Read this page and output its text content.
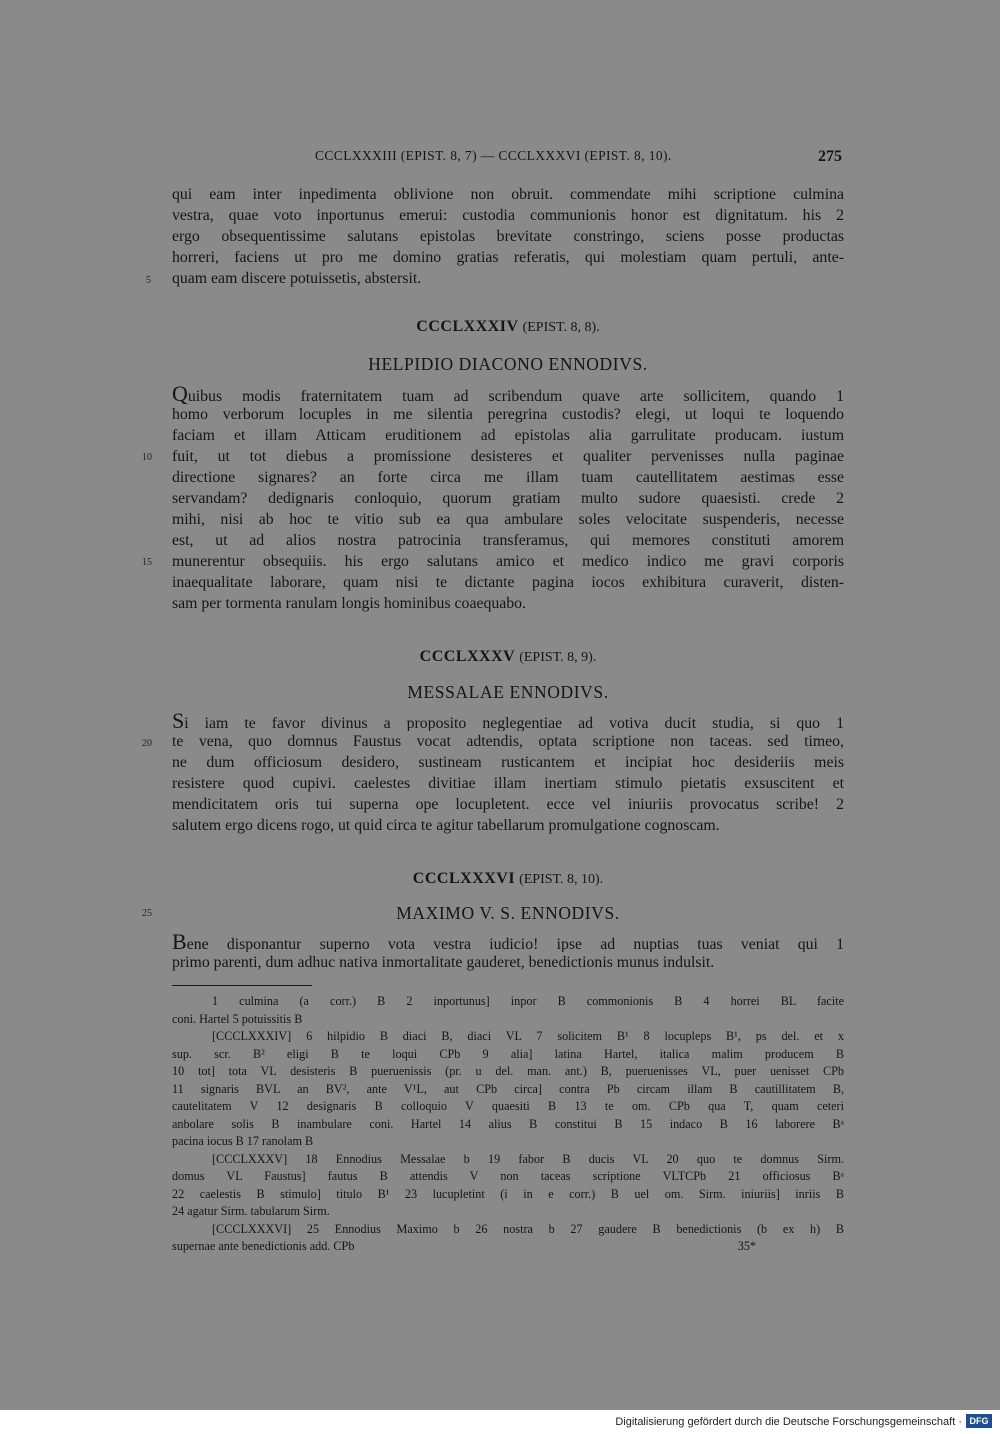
CCCLXXXIII (EPIST. 8, 7) — CCCLXXXVI (EPIST. 8, 10).	275
qui eam inter inpedimenta oblivione non obruit. commendate mihi scriptione culmina
vestra, quae voto inportunus emerui: custodia communionis honor est dignitatum. his 2
ergo obsequentissime salutans epistolas brevitate constringo, sciens posse productas
horreri, faciens ut pro me domino gratias referatis, qui molestiam quam pertuli, ante-
quam eam discere potuissetis, abstersit.
5
CCCLXXXIV (EPIST. 8, 8).
HELPIDIO DIACONO ENNODIVS.
Quibus modis fraternitatem tuam ad scribendum quave arte sollicitem, quando 1
homo verborum locuples in me silentia peregrina custodis? elegi, ut loqui te loquendo
faciam et illam Atticam eruditionem ad epistolas alia garrulitate producam. iustum
fuit, ut tot diebus a promissione desisteres et qualiter pervenisses nulla paginae
directione signares? an forte circa me illam tuam cautellitatem aestimas esse
servandam? dedignaris conloquio, quorum gratiam multo sudore quaesisti. crede 2
mihi, nisi ab hoc te vitio sub ea qua ambulare soles velocitate suspenderis, necesse
est, ut ad alios nostra patrocinia transferamus, qui memores constituti amorem
munerentur obsequiis. his ergo salutans amico et medico indico me gravi corporis
inaequalitate laborare, quam nisi te dictante pagina iocos exhibitura curaverit, disten-
sam per tormenta ranulam longis hominibus coaequabo.
10
15
CCCLXXXV (EPIST. 8, 9).
MESSALAE ENNODIVS.
Si iam te favor divinus a proposito neglegentiae ad votiva ducit studia, si quo 1
te vena, quo domnus Faustus vocat adtendis, optata scriptione non taceas. sed timeo,
ne dum officiosum desidero, sustineam rusticantem et incipiat hoc desideriis meis
resistere quod cupivi. caelestes divitiae illam inertiam stimulo pietatis exsuscitent et
mendicitatem oris tui superna ope locupletent. ecce vel iniuriis provocatus scribe! 2
salutem ergo dicens rogo, ut quid circa te agitur tabellarum promulgatione cognoscam.
20
CCCLXXXVI (EPIST. 8, 10).
MAXIMO V. S. ENNODIVS.
25
Bene disponantur superno vota vestra iudicio! ipse ad nuptias tuas veniat qui 1
primo parenti, dum adhuc nativa inmortalitate gauderet, benedictionis munus indulsit.
1 culmina (a corr.) B 2 inportunus] inpor B commonionis B 4 horrei BL facite
coni. Hartel 5 potuissitis B
[CCCLXXXIV] 6 hilpidio B diaci B, diaci VL 7 solicitem B¹ 8 locupleps B¹, ps del. et x
sup. scr. B² eligi B te loqui CPb 9 alia] latina Hartel, italica malim producem B
10 tot] tota VL desisteris B pueruenissis (pr. u del. man. ant.) B, pueruenisses VL, puer uenisset CPb
11 signaris BVL an BV², ante V¹L, aut CPb circa] contra Pb circam illam B cautillitatem B,
cautelitatem V 12 designaris B colloquio V quaesiti B 13 te om. CPb qua T, quam ceteri
anbolare solis B inambulare coni. Hartel 14 alius B constitui B 15 indaco B 16 laborere Bᵃ
pacina iocus B 17 ranolam B
[CCCLXXXV] 18 Ennodius Messalae b 19 fabor B ducis VL 20 quo te domnus Sirm.
domus VL Faustus] fautus B attendis V non taceas scriptione VLTCPb 21 officiosus Bᵃ
22 caelestis B stimulo] titulo B¹ 23 lucupletint (i in e corr.) B uel om. Sirm. iniuriis] inriis B
24 agatur Sirm. tabularum Sirm.
[CCCLXXXVI] 25 Ennodius Maximo b 26 nostra b 27 gaudere B benedictionis (b ex h) B
supernae ante benedictionis add. CPb	35*
Digitalisierung gefördert durch die Deutsche Forschungsgemeinschaft · DFG
